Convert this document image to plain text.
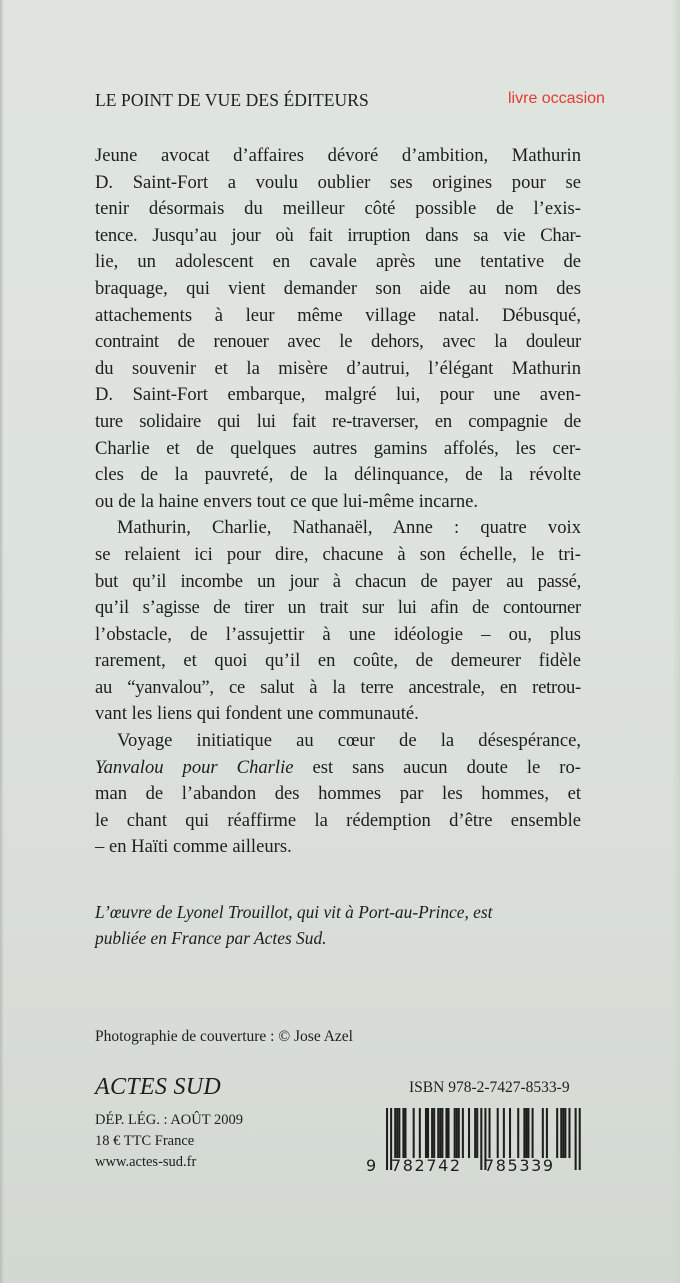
LE POINT DE VUE DES ÉDITEURS	livre occasion
Jeune avocat d’affaires dévoré d’ambition, Mathurin
D. Saint-Fort a voulu oublier ses origines pour se
tenir désormais du meilleur côté possible de l’exis-
tence. Jusqu’au jour où fait irruption dans sa vie Char-
lie, un adolescent en cavale après une tentative de
braquage, qui vient demander son aide au nom des
attachements à leur même village natal. Débusqué,
contraint de renouer avec le dehors, avec la douleur
du souvenir et la misère d’autrui, l’élégant Mathurin
D. Saint-Fort embarque, malgré lui, pour une aven-
ture solidaire qui lui fait re-traverser, en compagnie de
Charlie et de quelques autres gamins affolés, les cer-
cles de la pauvreté, de la délinquance, de la révolte
ou de la haine envers tout ce que lui-même incarne.
Mathurin, Charlie, Nathanaël, Anne : quatre voix
se relaient ici pour dire, chacune à son échelle, le tri-
but qu’il incombe un jour à chacun de payer au passé,
qu’il s’agisse de tirer un trait sur lui afin de contourner
l’obstacle, de l’assujettir à une idéologie – ou, plus
rarement, et quoi qu’il en coûte, de demeurer fidèle
au “yanvalou”, ce salut à la terre ancestrale, en retrou-
vant les liens qui fondent une communauté.
Voyage initiatique au cœur de la désespérance,
Yanvalou pour Charlie est sans aucun doute le ro-
man de l’abandon des hommes par les hommes, et
le chant qui réaffirme la rédemption d’être ensemble
– en Haïti comme ailleurs.
L’œuvre de Lyonel Trouillot, qui vit à Port-au-Prince, est
publiée en France par Actes Sud.
Photographie de couverture : © Jose Azel
ACTES SUD
DÉP. LÉG. : AOÛT 2009
18 € TTC France
www.actes-sud.fr
ISBN 978-2-7427-8533-9
9 782742 785339
